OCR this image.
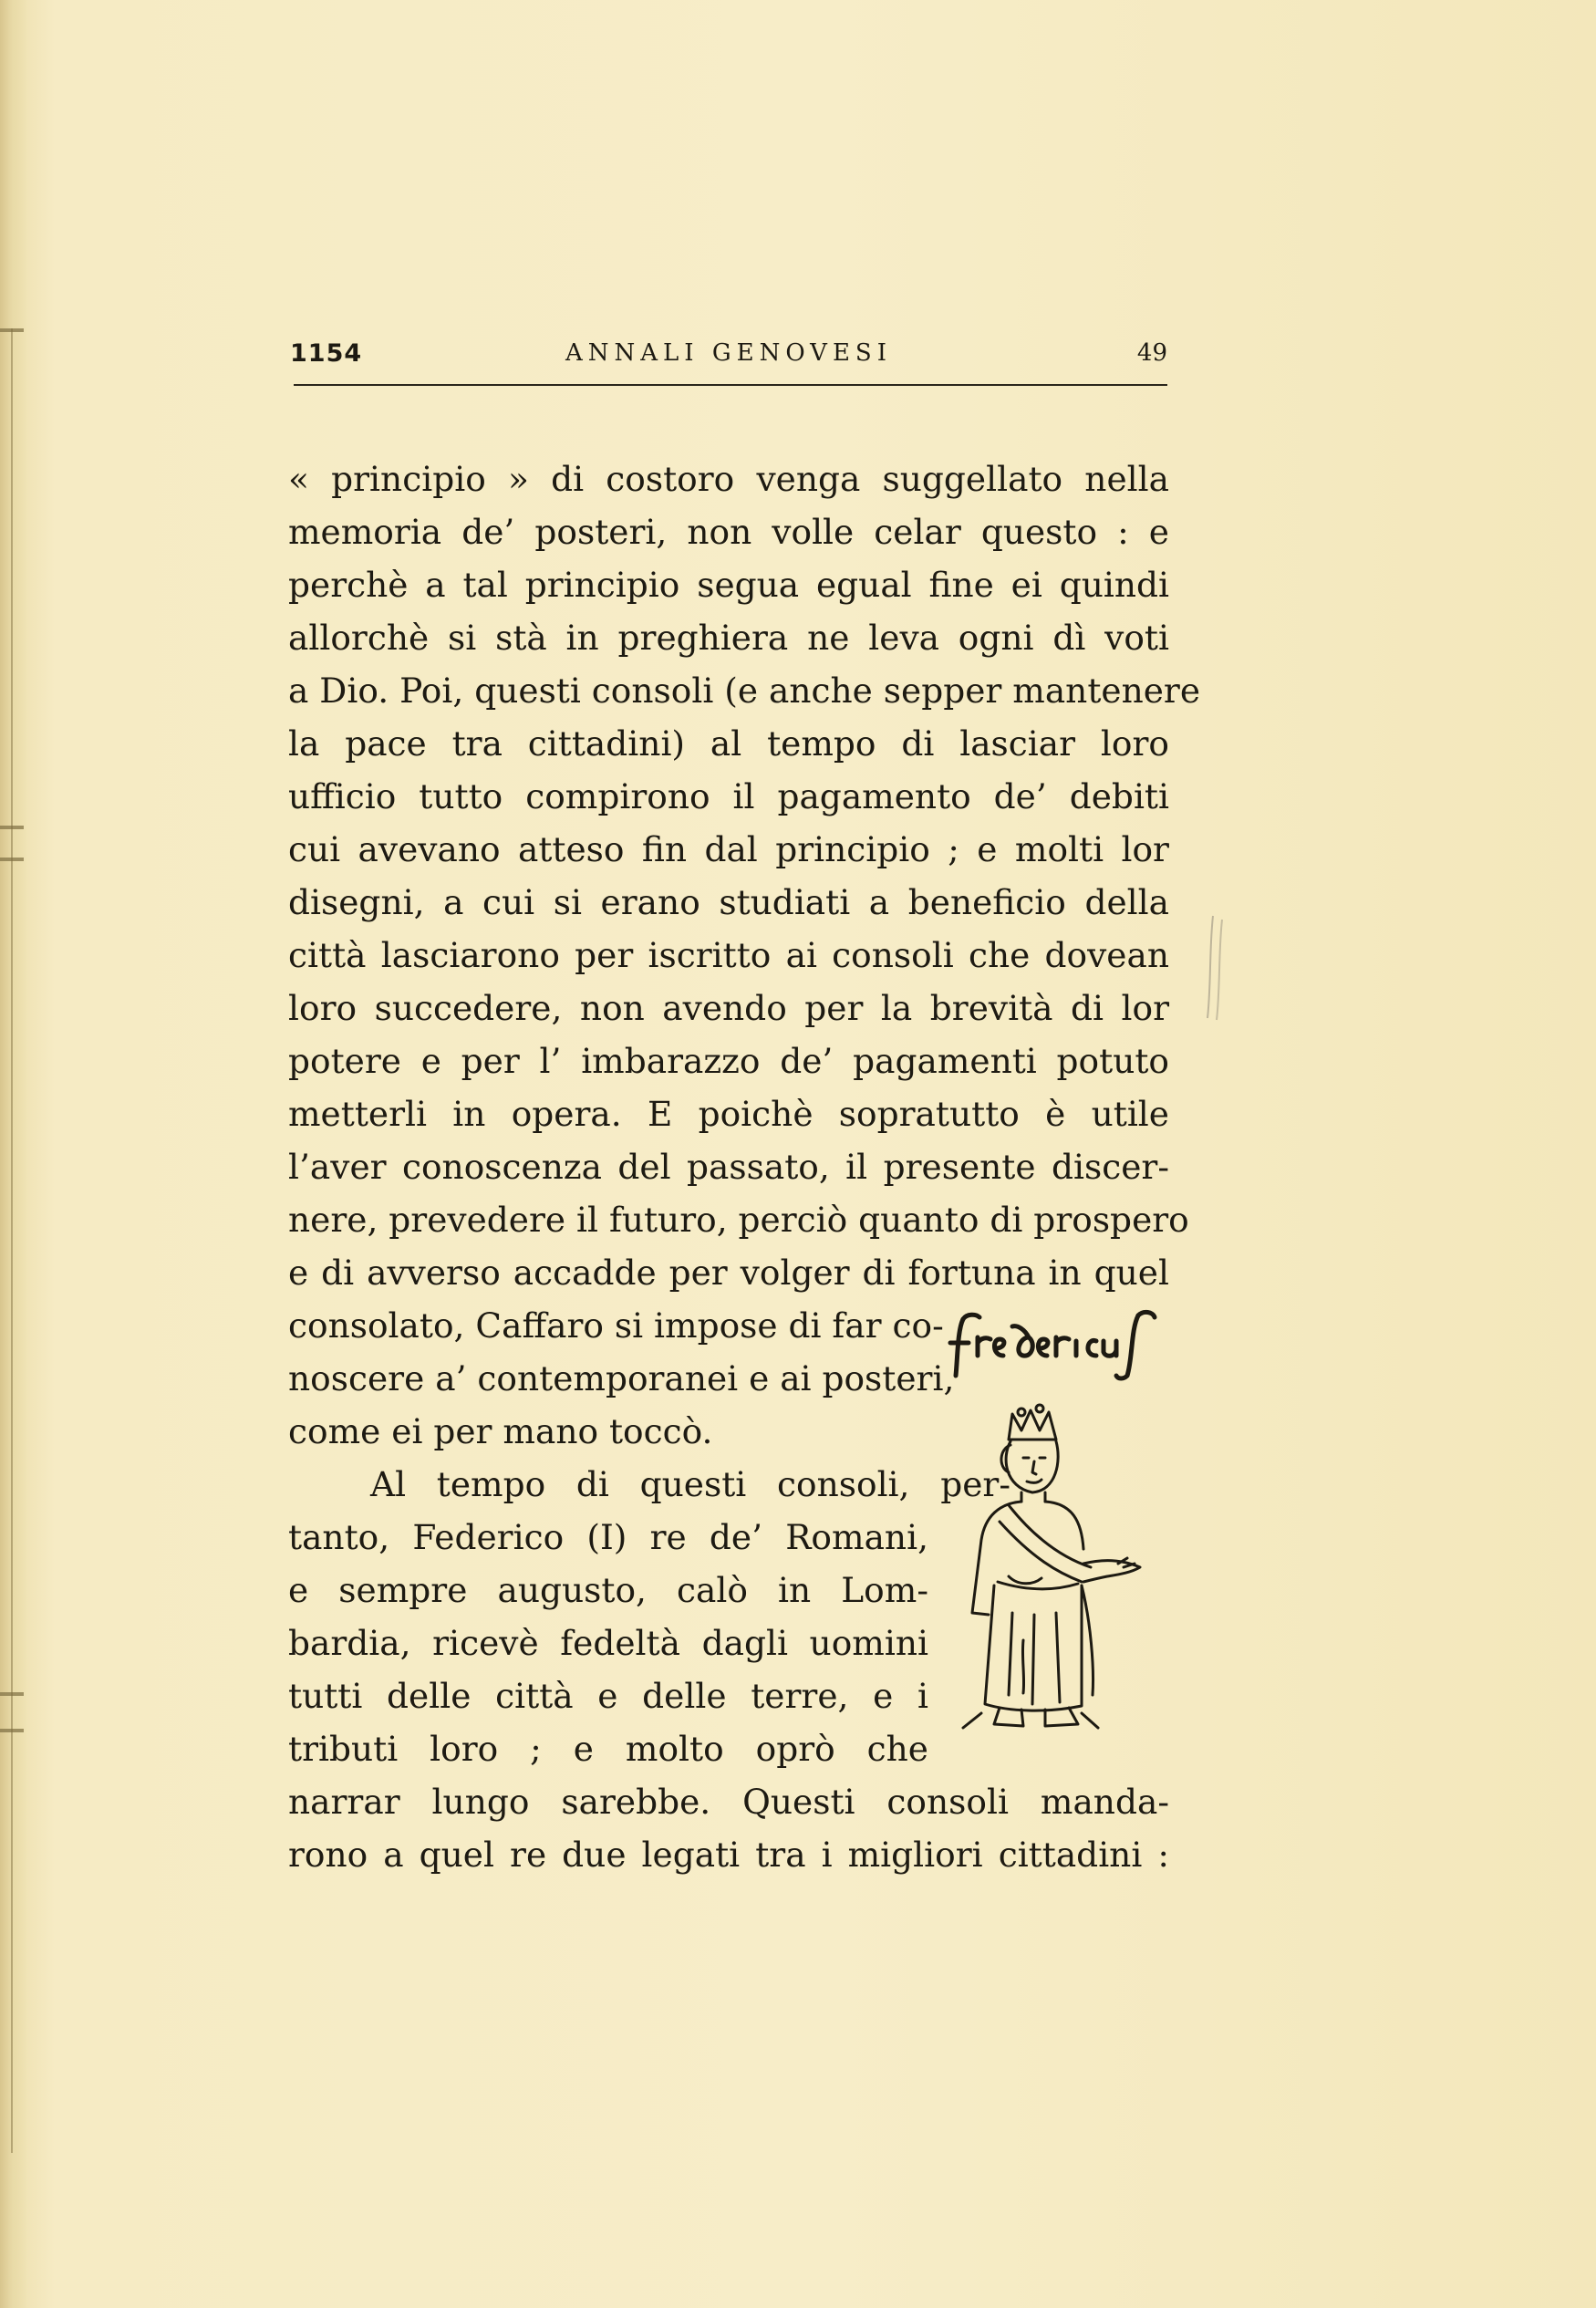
1154	ANNALI GENOVESI	49
« principio » di costoro venga suggellato nella
memoria de’ posteri, non volle celar questo : e
perchè a tal principio segua egual fine ei quindi
allorchè si stà in preghiera ne leva ogni dì voti
a Dio. Poi, questi consoli (e anche sepper mantenere
la pace tra cittadini) al tempo di lasciar loro
ufficio tutto compirono il pagamento de’ debiti
cui avevano atteso fin dal principio ; e molti lor
disegni, a cui si erano studiati a beneficio della
città lasciarono per iscritto ai consoli che dovean
loro succedere, non avendo per la brevità di lor
potere e per l’ imbarazzo de’ pagamenti potuto
metterli in opera. E poichè sopratutto è utile
l’aver conoscenza del passato, il presente discer-
nere, prevedere il futuro, perciò quanto di prospero
e di avverso accadde per volger di fortuna in quel
consolato, Caffaro si impose di far co-
noscere a’ contemporanei e ai posteri,
come ei per mano toccò.
Al tempo di questi consoli, per-
tanto, Federico (I) re de’ Romani,
e sempre augusto, calò in Lom-
bardia, ricevè fedeltà dagli uomini
tutti delle città e delle terre, e i
tributi loro ; e molto oprò che
narrar lungo sarebbe. Questi consoli manda-
rono a quel re due legati tra i migliori cittadini :
